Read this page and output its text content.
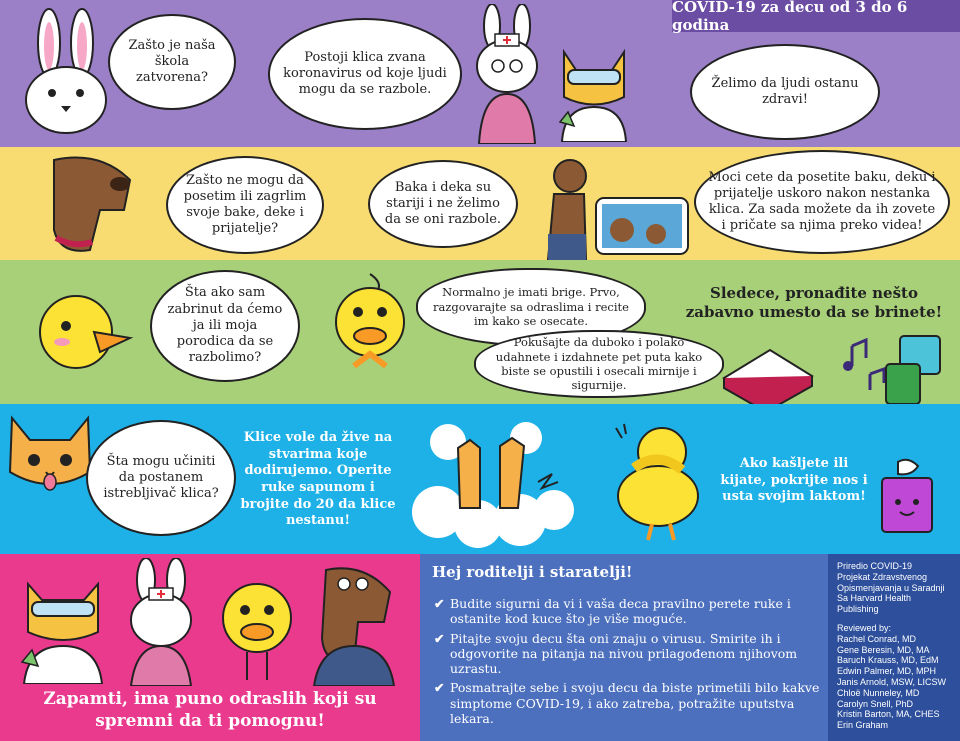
COVID-19 za decu od 3 do 6 godina
Zašto je naša škola zatvorena?
Postoji klica zvana koronavirus od koje ljudi mogu da se razbole.	Želimo da ljudi ostanu zdravi!
Zašto ne mogu da posetim ili zagrlim svoje bake, deke i prijatelje?
Baka i deka su stariji i ne želimo da se oni razbole.
Moci cete da posetite baku, deku i prijatelje uskoro nakon nestanka klica. Za sada možete da ih zovete i pričate sa njima preko videa!
Šta ako sam zabrinut da ćemo ja ili moja porodica da se razbolimo?
Normalno je imati brige. Prvo, razgovarajte sa odraslima i recite im kako se osecate.
Pokušajte da duboko i polako udahnete i izdahnete pet puta kako biste se opustili i osecali mirnije i sigurnije.
Sledece, pronađite nešto zabavno umesto da se brinete!
Šta mogu učiniti da postanem istrebljivač klica?
Klice vole da žive na stvarima koje dodirujemo. Operite ruke sapunom i brojite do 20 da klice nestanu!
Ako kašljete ili kijate, pokrijte nos i usta svojim laktom!
Zapamti, ima puno odraslih koji su spremni da ti pomognu!
Hej roditelji i staratelji!
✔ Budite sigurni da vi i vaša deca pravilno perete ruke i ostanite kod kuce što je više moguće.
✔ Pitajte svoju decu šta oni znaju o virusu. Smirite ih i odgovorite na pitanja na nivou prilagođenom njihovom uzrastu.
✔ Posmatrajte sebe i svoju decu da biste primetili bilo kakve simptome COVID-19, i ako zatreba, potražite uputstva lekara.
Priredio COVID-19
Projekat Zdravstvenog
Opismenjavanja u Saradnji
Sa Harvard Health
Publishing
Reviewed by:
Rachel Conrad, MD
Gene Beresin, MD, MA
Baruch Krauss, MD, EdM
Edwin Palmer, MD, MPH
Janis Arnold, MSW, LICSW
Chloë Nunneley, MD
Carolyn Snell, PhD
Kristin Barton, MA, CHES
Erin Graham
